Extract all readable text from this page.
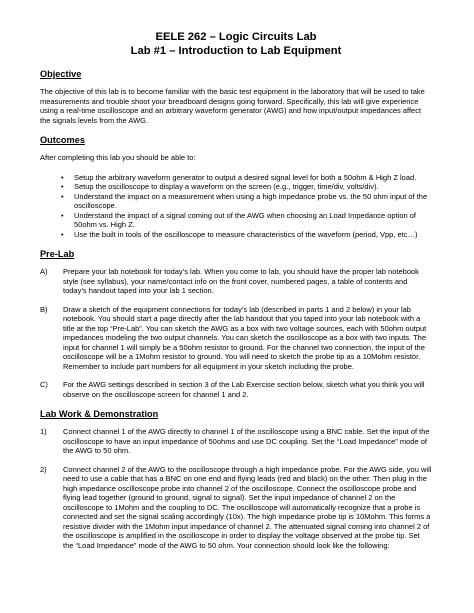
EELE 262 – Logic Circuits Lab
Lab #1 – Introduction to Lab Equipment
Objective

The objective of this lab is to become familiar with the basic test equipment in the laboratory that will be used to take measurements and trouble shoot your breadboard designs going forward. Specifically, this lab will give experience using a real-time oscilloscope and an arbitrary waveform generator (AWG) and how input/output impedances affect the signals levels from the AWG.

Outcomes

After completing this lab you should be able to:

• Setup the arbitrary waveform generator to output a desired signal level for both a 50ohm & High Z load.
• Setup the oscilloscope to display a waveform on the screen (e.g., trigger, time/div, volts/div).
• Understand the impact on a measurement when using a high impedance probe vs. the 50 ohm input of the oscilloscope.
• Understand the impact of a signal coming out of the AWG when choosing an Load Impedance option of 50ohm vs. High Z.
• Use the built in tools of the oscilloscope to measure characteristics of the waveform (period, Vpp, etc…)
Pre-Lab
A)	Prepare your lab notebook for today’s lab. When you come to lab, you should have the proper lab notebook style (see syllabus), your name/contact info on the front cover, numbered pages, a table of contents and today’s handout taped into your lab 1 section.
B)	Draw a sketch of the equipment connections for today’s lab (described in parts 1 and 2 below) in your lab notebook. You should start a page directly after the lab handout that you taped into your lab notebook with a title at the top “Pre-Lab”. You can sketch the AWG as a box with two voltage sources, each with 50ohm output impedances modeling the two output channels. You can sketch the oscilloscope as a box with two inputs. The input for channel 1 will simply be a 50ohm resistor to ground. For the channel two connection, the input of the oscilloscope will be a 1Mohm resistor to ground. You will need to sketch the probe tip as a 10Mohm resistor. Remember to include part numbers for all equipment in your sketch including the probe.
C)	For the AWG settings described in section 3 of the Lab Exercise section below, sketch what you think you will observe on the oscilloscope screen for channel 1 and 2.
Lab Work & Demonstration
1)	Connect channel 1 of the AWG directly to channel 1 of the oscilloscope using a BNC cable. Set the input of the oscilloscope to have an input impedance of 50ohms and use DC coupling. Set the “Load Impedance” mode of the AWG to 50 ohm.
2)	Connect channel 2 of the AWG to the oscilloscope through a high impedance probe. For the AWG side, you will need to use a cable that has a BNC on one end and flying leads (red and black) on the other. Then plug in the high impedance oscilloscope probe into channel 2 of the oscilloscope. Connect the oscilloscope probe and flying lead together (ground to ground, signal to signal). Set the input impedance of channel 2 on the oscilloscope to 1Mohm and the coupling to DC. The oscilloscope will automatically recognize that a probe is connected and set the signal scaling accordingly (10x). The high impedance probe tip is 10Mohm. This forms a resistive divider with the 1Mohm input impedance of channel 2. The attenuated signal coming into channel 2 of the oscilloscope is amplified in the oscilloscope in order to display the voltage observed at the probe tip. Set the “Load Impedance” mode of the AWG to 50 ohm. Your connection should look like the following:
